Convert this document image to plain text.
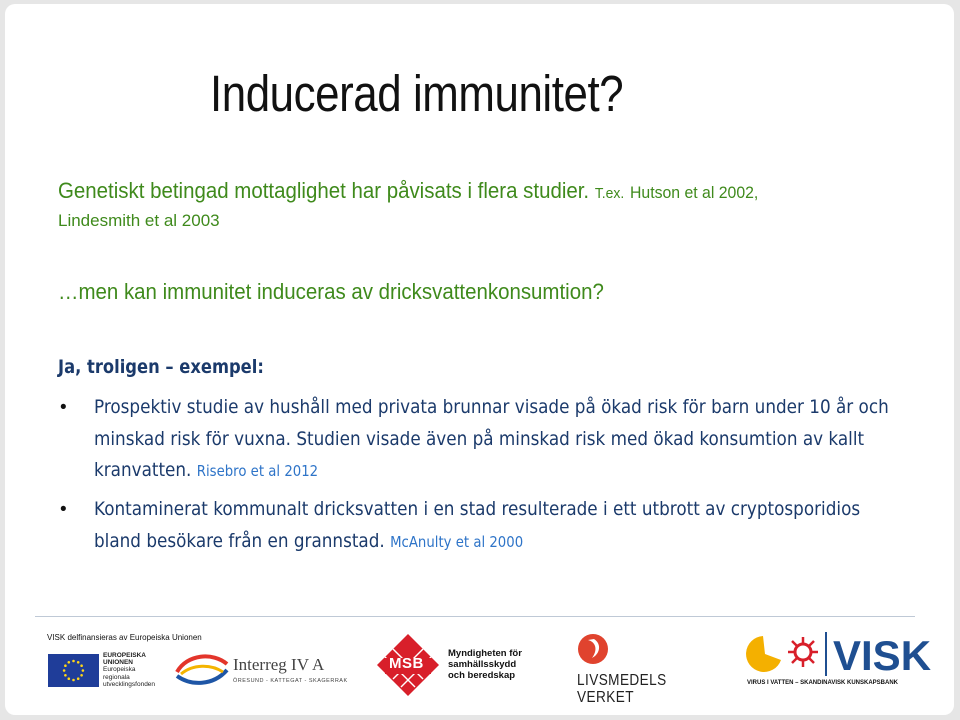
Inducerad immunitet?
Genetiskt betingad mottaglighet har påvisats i flera studier. T.ex. Hutson et al 2002,
Lindesmith et al 2003
…men kan immunitet induceras av dricksvattenkonsumtion?
Ja, troligen – exempel:
• Prospektiv studie av hushåll med privata brunnar visade på ökad risk för barn under 10 år och minskad risk för vuxna. Studien visade även på minskad risk med ökad konsumtion av kallt kranvatten. Risebro et al 2012
• Kontaminerat kommunalt dricksvatten i en stad resulterade i ett utbrott av cryptosporidios bland besökare från en grannstad. McAnulty et al 2000
VISK delfinansieras av Europeiska Unionen
EUROPEISKA
UNIONEN
Europeiska
regionala
utvecklingsfonden
Interreg IV A
ÖRESUND - KATTEGAT - SKAGERRAK
MSB
Myndigheten för
samhällsskydd
och beredskap	LIVSMEDELS
VERKET
VISK
VIRUS I VATTEN – SKANDINAVISK KUNSKAPSBANK
